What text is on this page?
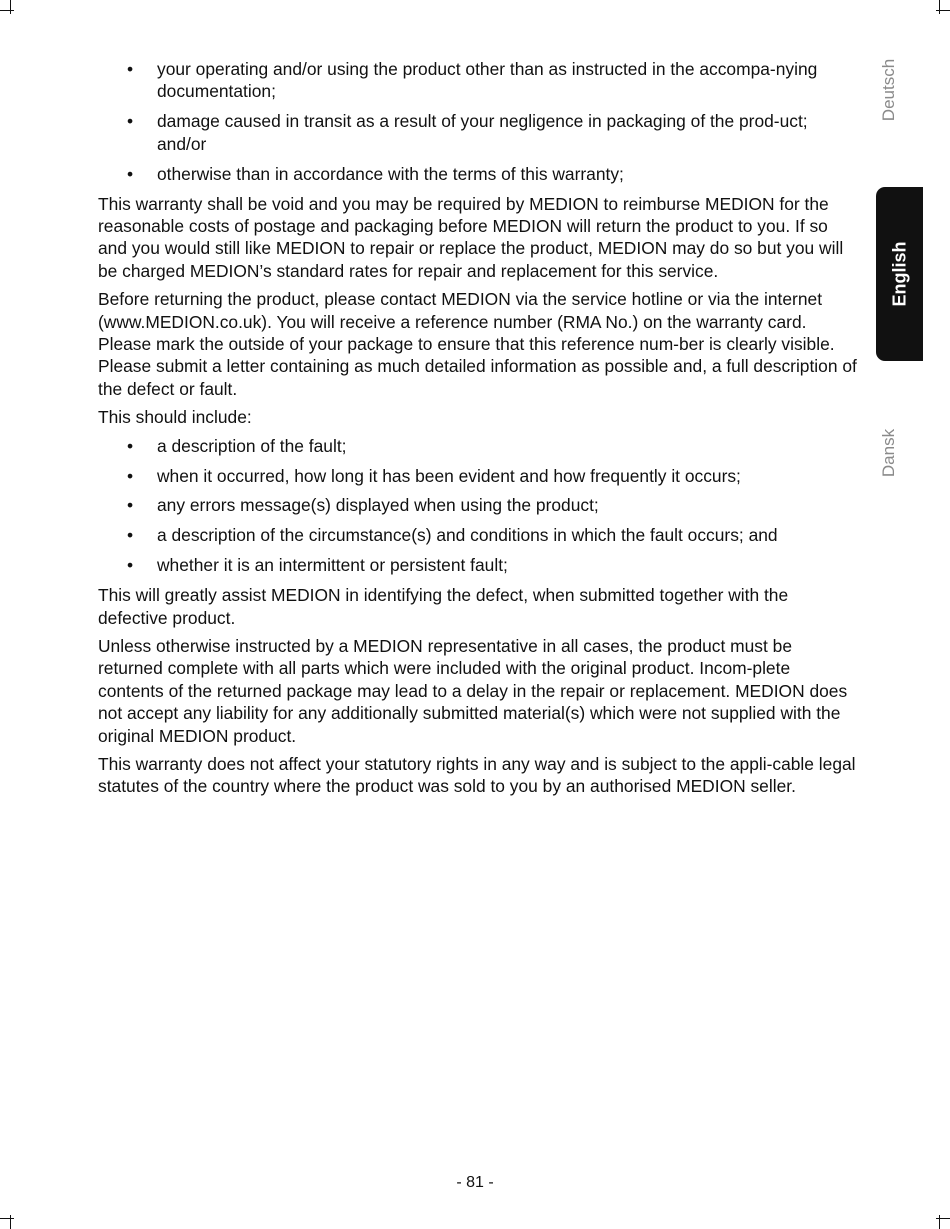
Deutsch
English
Dansk
• your operating and/or using the product other than as instructed in the accompa-nying documentation;
• damage caused in transit as a result of your negligence in packaging of the prod-uct; and/or
• otherwise than in accordance with the terms of this warranty;

This warranty shall be void and you may be required by MEDION to reimburse MEDION for the reasonable costs of postage and packaging before MEDION will return the product to you. If so and you would still like MEDION to repair or replace the product, MEDION may do so but you will be charged MEDION’s standard rates for repair and replacement for this service.

Before returning the product, please contact MEDION via the service hotline or via the internet (www.MEDION.co.uk). You will receive a reference number (RMA No.) on the warranty card. Please mark the outside of your package to ensure that this reference num-ber is clearly visible. Please submit a letter containing as much detailed information as possible and, a full description of the defect or fault.

This should include:

• a description of the fault;
• when it occurred, how long it has been evident and how frequently it occurs;
• any errors message(s) displayed when using the product;
• a description of the circumstance(s) and conditions in which the fault occurs; and
• whether it is an intermittent or persistent fault;

This will greatly assist MEDION in identifying the defect, when submitted together with the defective product.

Unless otherwise instructed by a MEDION representative in all cases, the product must be returned complete with all parts which were included with the original product. Incom-plete contents of the returned package may lead to a delay in the repair or replacement. MEDION does not accept any liability for any additionally submitted material(s) which were not supplied with the original MEDION product.

This warranty does not affect your statutory rights in any way and is subject to the appli-cable legal statutes of the country where the product was sold to you by an authorised MEDION seller.

- 81 -
